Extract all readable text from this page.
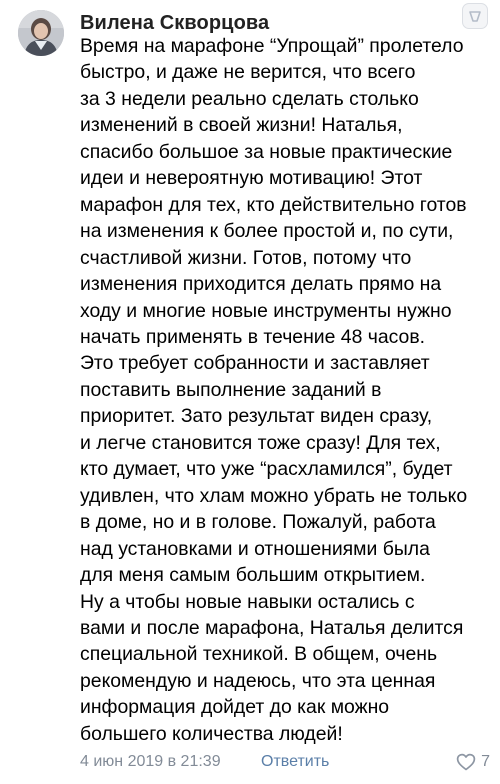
Вилена Скворцова
Время на марафоне “Упрощай” пролетело
быстро, и даже не верится, что всего
за 3 недели реально сделать столько
изменений в своей жизни! Наталья,
спасибо большое за новые практические
идеи и невероятную мотивацию! Этот
марафон для тех, кто действительно готов
на изменения к более простой и, по сути,
счастливой жизни. Готов, потому что
изменения приходится делать прямо на
ходу и многие новые инструменты нужно
начать применять в течение 48 часов.
Это требует собранности и заставляет
поставить выполнение заданий в
приоритет. Зато результат виден сразу,
и легче становится тоже сразу! Для тех,
кто думает, что уже “расхламился”, будет
удивлен, что хлам можно убрать не только
в доме, но и в голове. Пожалуй, работа
над установками и отношениями была
для меня самым большим открытием.
Ну а чтобы новые навыки остались с
вами и после марафона, Наталья делится
специальной техникой. В общем, очень
рекомендую и надеюсь, что эта ценная
информация дойдет до как можно
большего количества людей!
4 июн 2019 в 21:39	Ответить	7
